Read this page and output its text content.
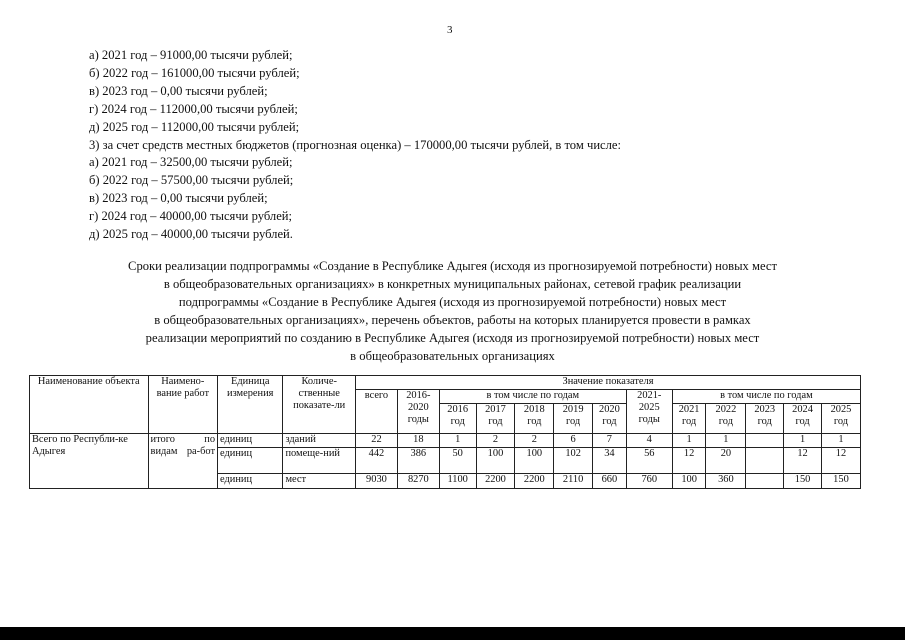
3
а) 2021 год – 91000,00 тысячи рублей;
б) 2022 год – 161000,00 тысячи рублей;
в) 2023 год – 0,00 тысячи рублей;
г) 2024 год – 112000,00 тысячи рублей;
д) 2025 год – 112000,00 тысячи рублей;
3) за счет средств местных бюджетов (прогнозная оценка) – 170000,00 тысячи рублей, в том числе:
а) 2021 год – 32500,00 тысячи рублей;
б) 2022 год – 57500,00 тысячи рублей;
в) 2023 год – 0,00 тысячи рублей;
г) 2024 год – 40000,00 тысячи рублей;
д) 2025 год – 40000,00 тысячи рублей.
Сроки реализации подпрограммы «Создание в Республике Адыгея (исходя из прогнозируемой потребности) новых мест
в общеобразовательных организациях» в конкретных муниципальных районах, сетевой график реализации
подпрограммы «Создание в Республике Адыгея (исходя из прогнозируемой потребности) новых мест
в общеобразовательных организациях», перечень объектов, работы на которых планируется провести в рамках
реализации мероприятий по созданию в Республике Адыгея (исходя из прогнозируемой потребности) новых мест
в общеобразовательных организациях
Наименование объекта	Наимено-вание работ	Единица измерения	Количе-ственные показате-ли	Значение показателя												
				всего	2016-2020 годы	в том числе по годам					2021-2025 годы	в том числе по годам				
						2016 год	2017 год	2018 год	2019 год	2020 год		2021 год	2022 год	2023 год	2024 год	2025 год
Всего по Республи-ке Адыгея	итого по видам ра-бот	единиц	зданий	22	18	1	2	2	6	7	4	1	1		1	1
		единиц	помеще-ний	442	386	50	100	100	102	34	56	12	20		12	12
		единиц	мест	9030	8270	1100	2200	2200	2110	660	760	100	360		150	150
